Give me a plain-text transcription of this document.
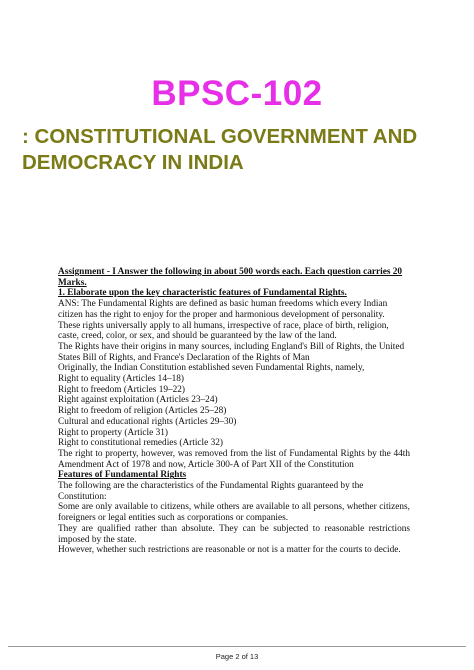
BPSC-102
: CONSTITUTIONAL GOVERNMENT AND DEMOCRACY IN INDIA

Assignment - I Answer the following in about 500 words each. Each question carries 20 Marks.

1. Elaborate upon the key characteristic features of Fundamental Rights.

ANS: The Fundamental Rights are defined as basic human freedoms which every Indian citizen has the right to enjoy for the proper and harmonious development of personality.

These rights universally apply to all humans, irrespective of race, place of birth, religion, caste, creed, color, or sex, and should be guaranteed by the law of the land.

The Rights have their origins in many sources, including England's Bill of Rights, the United States Bill of Rights, and France's Declaration of the Rights of Man

Originally, the Indian Constitution established seven Fundamental Rights, namely,

Right to equality (Articles 14–18)

Right to freedom (Articles 19–22)

Right against exploitation (Articles 23–24)

Right to freedom of religion (Articles 25–28)

Cultural and educational rights (Articles 29–30)

Right to property (Article 31)

Right to constitutional remedies (Article 32)

The right to property, however, was removed from the list of Fundamental Rights by the 44th Amendment Act of 1978 and now, Article 300-A of Part XII of the Constitution

Features of Fundamental Rights

The following are the characteristics of the Fundamental Rights guaranteed by the Constitution:

Some are only available to citizens, while others are available to all persons, whether citizens, foreigners or legal entities such as corporations or companies.

They are qualified rather than absolute. They can be subjected to reasonable restrictions imposed by the state.

However, whether such restrictions are reasonable or not is a matter for the courts to decide.

Page 2 of 13
